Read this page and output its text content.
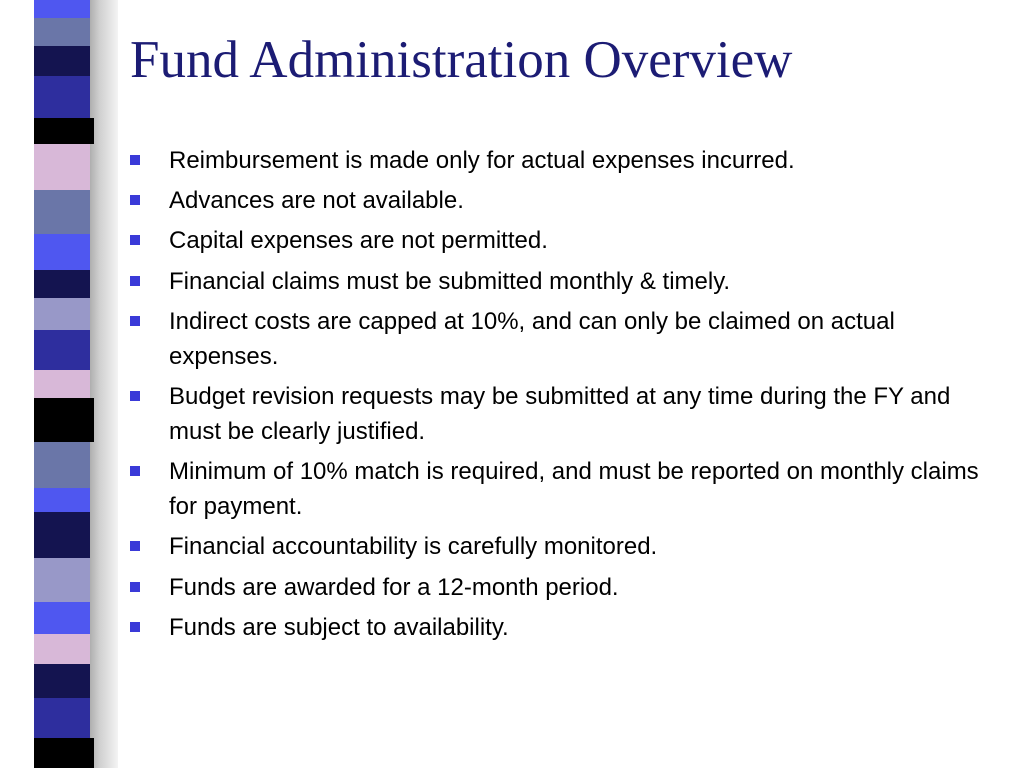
Fund Administration Overview
Reimbursement is made only for actual expenses incurred.
Advances are not available.
Capital expenses are not permitted.
Financial claims must be submitted monthly & timely.
Indirect costs are capped at 10%, and can only be claimed on actual expenses.
Budget revision requests may be submitted at any time during the FY and must be clearly justified.
Minimum of 10% match is required, and must be reported on monthly claims for payment.
Financial accountability is carefully monitored.
Funds are awarded for a 12-month period.
Funds are subject to availability.
